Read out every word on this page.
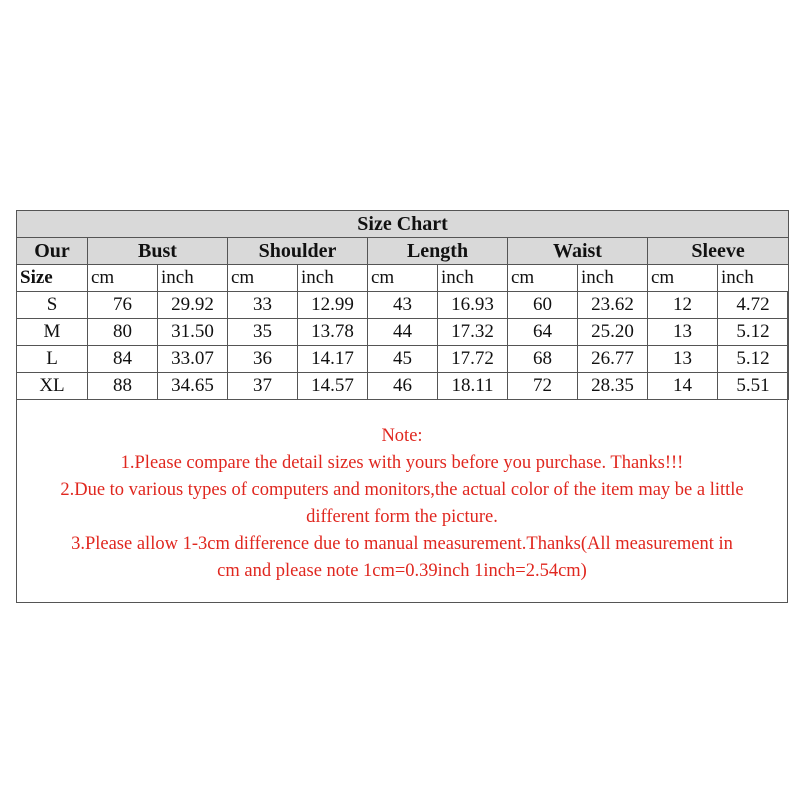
Size Chart										
Our	Bust		Shoulder		Length		Waist		Sleeve	
Size	cm	inch	cm	inch	cm	inch	cm	inch	cm	inch
S	76	29.92	33	12.99	43	16.93	60	23.62	12	4.72
M	80	31.50	35	13.78	44	17.32	64	25.20	13	5.12
L	84	33.07	36	14.17	45	17.72	68	26.77	13	5.12
XL	88	34.65	37	14.57	46	18.11	72	28.35	14	5.51
Note:
1.Please compare the detail sizes with yours before you purchase. Thanks!!!
2.Due to various types of computers and monitors,the actual color of the item may be a little
different form the picture.
3.Please allow 1-3cm difference due to manual measurement.Thanks(All measurement in
cm and please note 1cm=0.39inch 1inch=2.54cm)
